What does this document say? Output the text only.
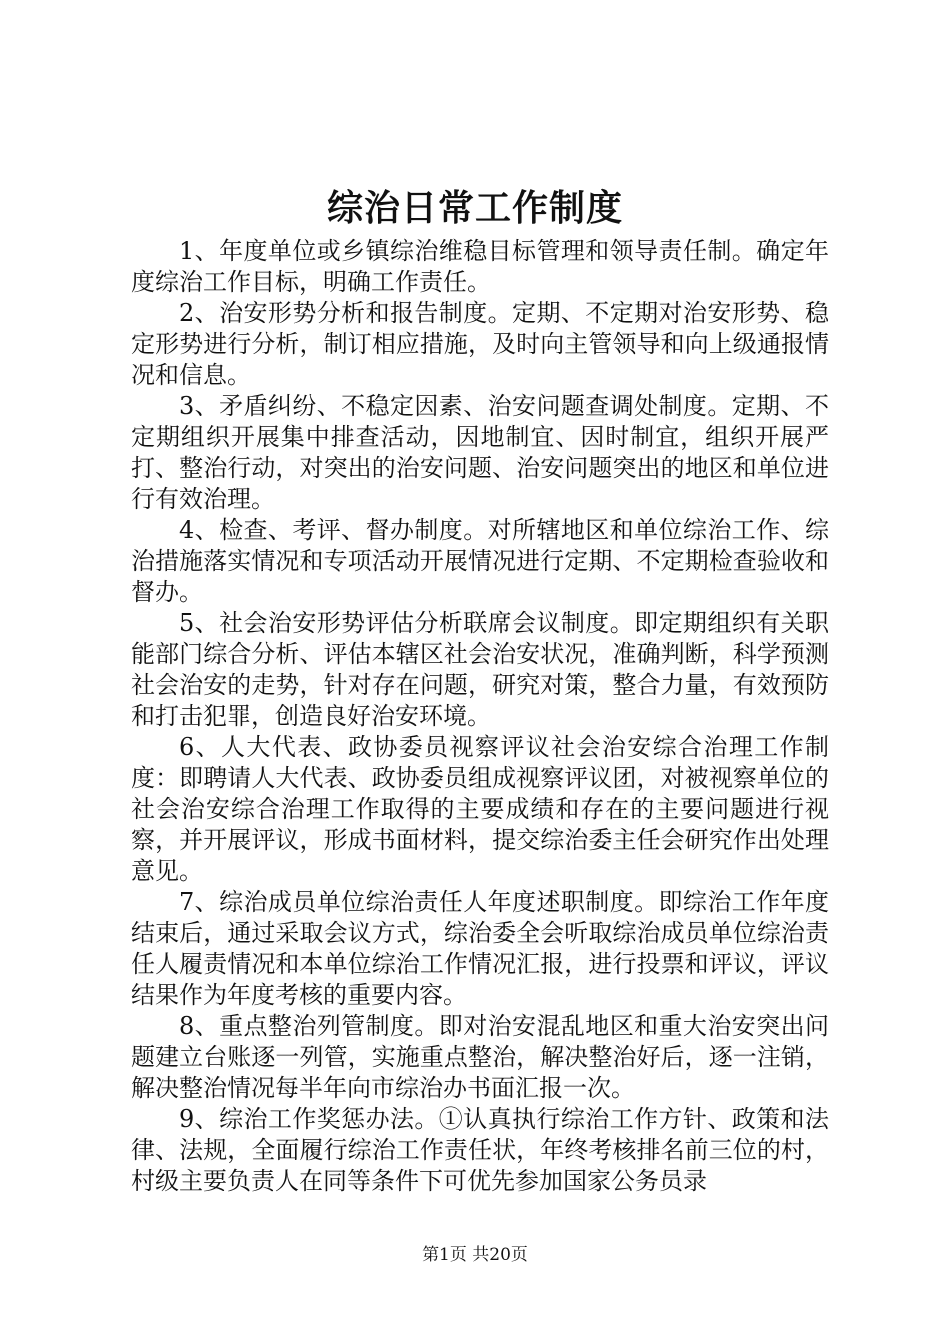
综治日常工作制度

1、年度单位或乡镇综治维稳目标管理和领导责任制。确定年度综治工作目标，明确工作责任。

2、治安形势分析和报告制度。定期、不定期对治安形势、稳定形势进行分析，制订相应措施，及时向主管领导和向上级通报情况和信息。

3、矛盾纠纷、不稳定因素、治安问题查调处制度。定期、不定期组织开展集中排查活动，因地制宜、因时制宜，组织开展严打、整治行动，对突出的治安问题、治安问题突出的地区和单位进行有效治理。

4、检查、考评、督办制度。对所辖地区和单位综治工作、综治措施落实情况和专项活动开展情况进行定期、不定期检查验收和督办。

5、社会治安形势评估分析联席会议制度。即定期组织有关职能部门综合分析、评估本辖区社会治安状况，准确判断，科学预测社会治安的走势，针对存在问题，研究对策，整合力量，有效预防和打击犯罪，创造良好治安环境。

6、人大代表、政协委员视察评议社会治安综合治理工作制度：即聘请人大代表、政协委员组成视察评议团，对被视察单位的社会治安综合治理工作取得的主要成绩和存在的主要问题进行视察，并开展评议，形成书面材料，提交综治委主任会研究作出处理意见。

7、综治成员单位综治责任人年度述职制度。即综治工作年度结束后，通过采取会议方式，综治委全会听取综治成员单位综治责任人履责情况和本单位综治工作情况汇报，进行投票和评议，评议结果作为年度考核的重要内容。

8、重点整治列管制度。即对治安混乱地区和重大治安突出问题建立台账逐一列管，实施重点整治，解决整治好后，逐一注销，解决整治情况每半年向市综治办书面汇报一次。

9、综治工作奖惩办法。①认真执行综治工作方针、政策和法律、法规，全面履行综治工作责任状，年终考核排名前三位的村，村级主要负责人在同等条件下可优先参加国家公务员录

第1页 共20页
